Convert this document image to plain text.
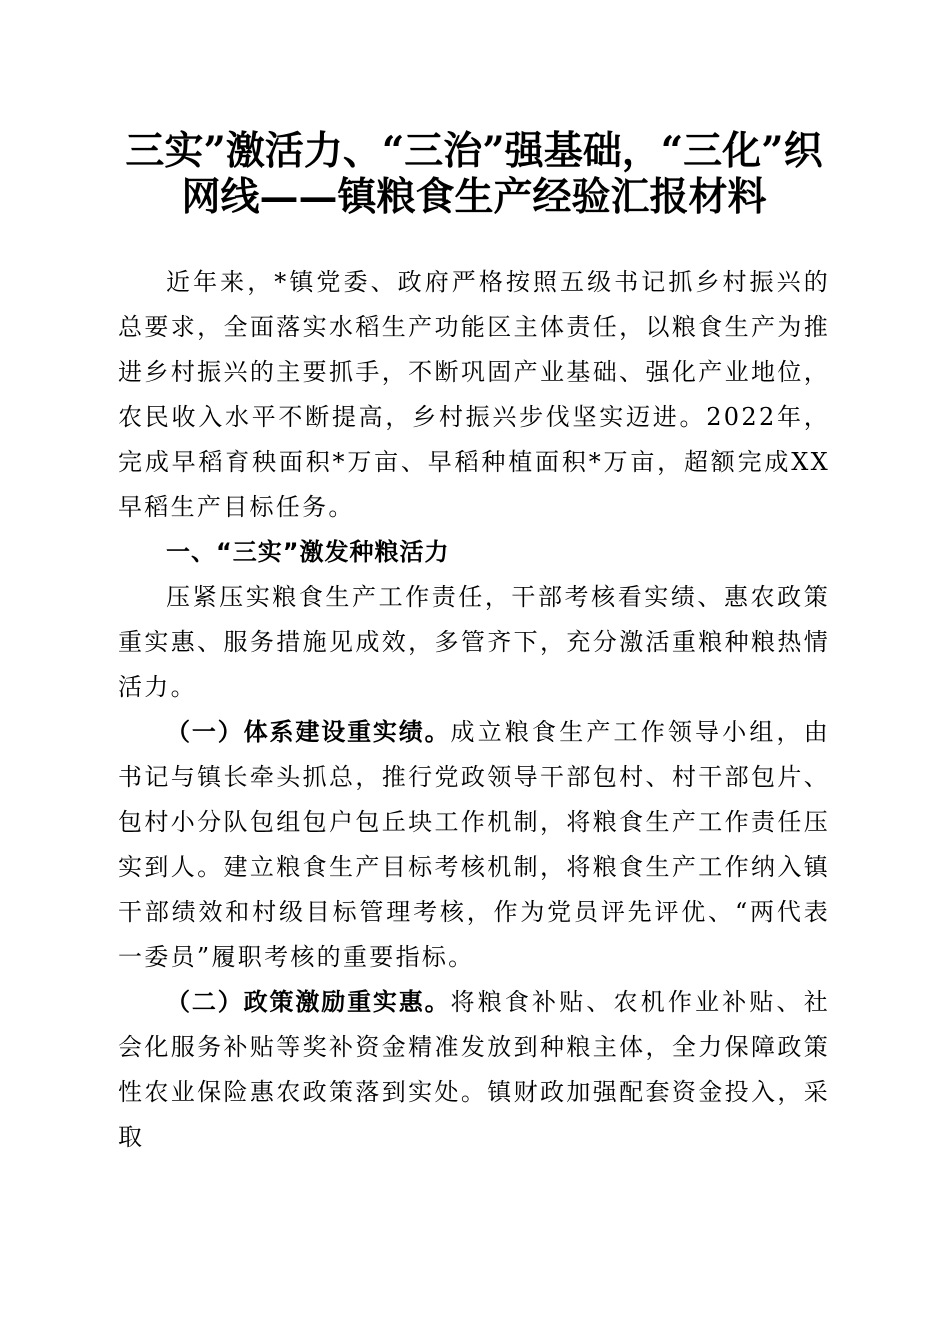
三实”激活力、“三治”强基础，“三化”织
网线——镇粮食生产经验汇报材料

近年来，*镇党委、政府严格按照五级书记抓乡村振兴的总要求，全面落实水稻生产功能区主体责任，以粮食生产为推进乡村振兴的主要抓手，不断巩固产业基础、强化产业地位，农民收入水平不断提高，乡村振兴步伐坚实迈进。2022年，完成早稻育秧面积*万亩、早稻种植面积*万亩，超额完成XX早稻生产目标任务。

一、“三实”激发种粮活力

压紧压实粮食生产工作责任，干部考核看实绩、惠农政策重实惠、服务措施见成效，多管齐下，充分激活重粮种粮热情活力。

（一）体系建设重实绩。成立粮食生产工作领导小组，由书记与镇长牵头抓总，推行党政领导干部包村、村干部包片、包村小分队包组包户包丘块工作机制，将粮食生产工作责任压实到人。建立粮食生产目标考核机制，将粮食生产工作纳入镇干部绩效和村级目标管理考核，作为党员评先评优、“两代表一委员”履职考核的重要指标。

（二）政策激励重实惠。将粮食补贴、农机作业补贴、社会化服务补贴等奖补资金精准发放到种粮主体，全力保障政策性农业保险惠农政策落到实处。镇财政加强配套资金投入，采取
